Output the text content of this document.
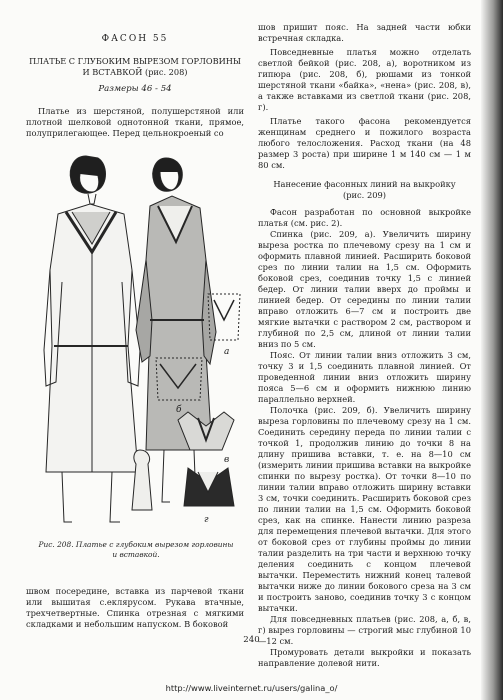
ФАСОН 55
ПЛАТЬЕ С ГЛУБОКИМ ВЫРЕЗОМ ГОРЛОВИНЫ
И ВСТАВКОЙ (рис. 208)
Размеры 46 - 54

Платье из шерстяной, полушерстяной или плотной шелковой однотонной ткани, прямое, полуприлегающее. Перед цельнокроеный со

а
б
в
г
Рис. 208. Платье с глубоким вырезом горловины
и вставкой.

швом посередине, вставка из парчевой ткани или вышитая с.еклярусом. Рукава втачные, трехчетвертные. Спинка отрезная с мягкими складками и небольшим напуском. В боковой

шов пришит пояс. На задней части юбки встречная складка.

Повседневные платья можно отделать светлой бейкой (рис. 208, а), воротником из гипюра (рис. 208, б), рюшами из тонкой шерстяной ткани «байка», «нена» (рис. 208, в), а также вставками из светлой ткани (рис. 208, г).

Платье такого фасона рекомендуется женщинам среднего и пожилого возраста любого телосложения. Расход ткани (на 48 размер 3 роста) при ширине 1 м 140 см — 1 м 80 см.

Нанесение фасонных линий на выкройку
(рис. 209)

Фасон разработан по основной выкройке платья (см. рис. 2).

Спинка (рис. 209, а). Увеличить ширину выреза ростка по плечевому срезу на 1 см и оформить плавной линией. Расширить боковой срез по линии талии на 1,5 см. Оформить боковой срез, соединив точку 1,5 с линией бедер. От линии талии вверх до проймы и линией бедер. От середины по линии талии вправо отложить 6—7 см и построить две мягкие вытачки с раствором 2 см, раствором и глубиной по 2,5 см, длиной от линии талии вниз по 5 см.

Пояс. От линии талии вниз отложить 3 см, точку 3 и 1,5 соединить плавной линией. От проведенной линии вниз отложить ширину пояса 5—6 см и оформить нижнюю линию параллельно верхней.

Полочка (рис. 209, б). Увеличить ширину выреза горловины по плечевому срезу на 1 см. Соединить середину переда по линии талии с точкой 1, продолжив линию до точки 8 на длину пришива вставки, т. е. на 8—10 см (измерить линии пришива вставки на выкройке спинки по вырезу ростка). От точки 8—10 по линии талии вправо отложить ширину вставки 3 см, точки соединить. Расширить боковой срез по линии талии на 1,5 см. Оформить боковой срез, как на спинке. Нанести линию разреза для перемещения плечевой вытачки. Для этого от боковой срез от глубины проймы до линии талии разделить на три части и верхнюю точку деления соединить с концом плечевой вытачки. Переместить нижний конец талевой вытачки ниже до линии бокового среза на 3 см и построить заново, соединив точку 3 с концом вытачки.

Для повседневных платьев (рис. 208, а, б, в, г) вырез горловины — строгий мыс глубиной 10—12 см.

Промуровать детали выкройки и показать направление долевой нити.

240
http://www.liveinternet.ru/users/galina_o/
